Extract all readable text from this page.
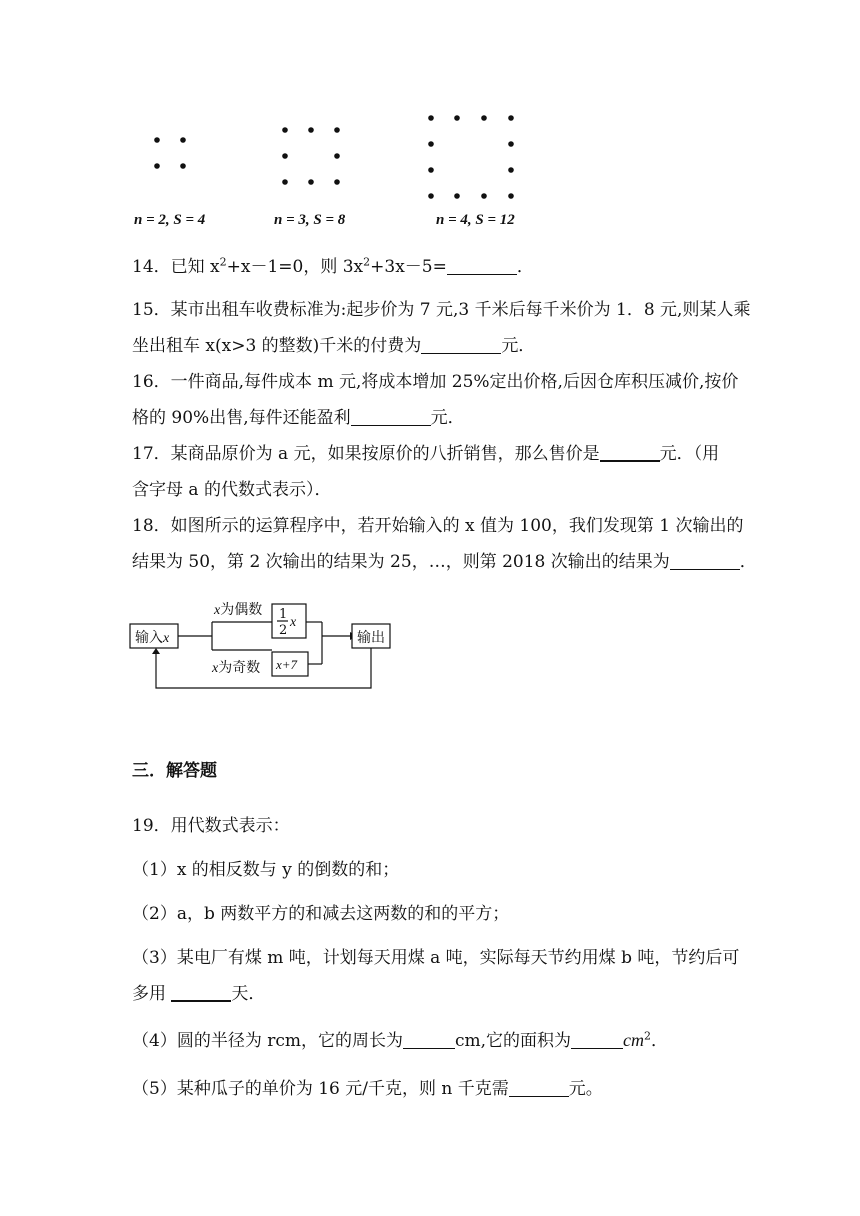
n = 2, S = 4	n = 3, S = 8	n = 4, S = 12
14．已知 $x^2+x-1=0$，则 $3x^2+3x-5=$	．
15．某市出租车收费标准为:起步价为 7 元,3 千米后每千米价为 1．8 元,则某人乘
坐出租车 x(x>3 的整数)千米的付费为	元．
16．一件商品,每件成本 m 元,将成本增加 25%定出价格,后因仓库积压减价,按价
格的 90%出售,每件还能盈利	元．
17．某商品原价为 a 元，如果按原价的八折销售，那么售价是	元．（用
含字母 a 的代数式表示）．
18．如图所示的运算程序中，若开始输入的 x 值为 100，我们发现第 1 次输出的
结果为 50，第 2 次输出的结果为 25，…，则第 2018 次输出的结果为	．
输入x
x为偶数
x为奇数
1
2
x
x+7
输出
三．解答题
19．用代数式表示：
（1）x 的相反数与 y 的倒数的和；
（2）a，b 两数平方的和减去这两数的和的平方；
（3）某电厂有煤 m 吨，计划每天用煤 a 吨，实际每天节约用煤 b 吨，节约后可
多用	天．
（4）圆的半径为 rcm，它的周长为	cm,它的面积为	$cm^2$．
（5）某种瓜子的单价为 16 元/千克，则 n 千克需	元。
